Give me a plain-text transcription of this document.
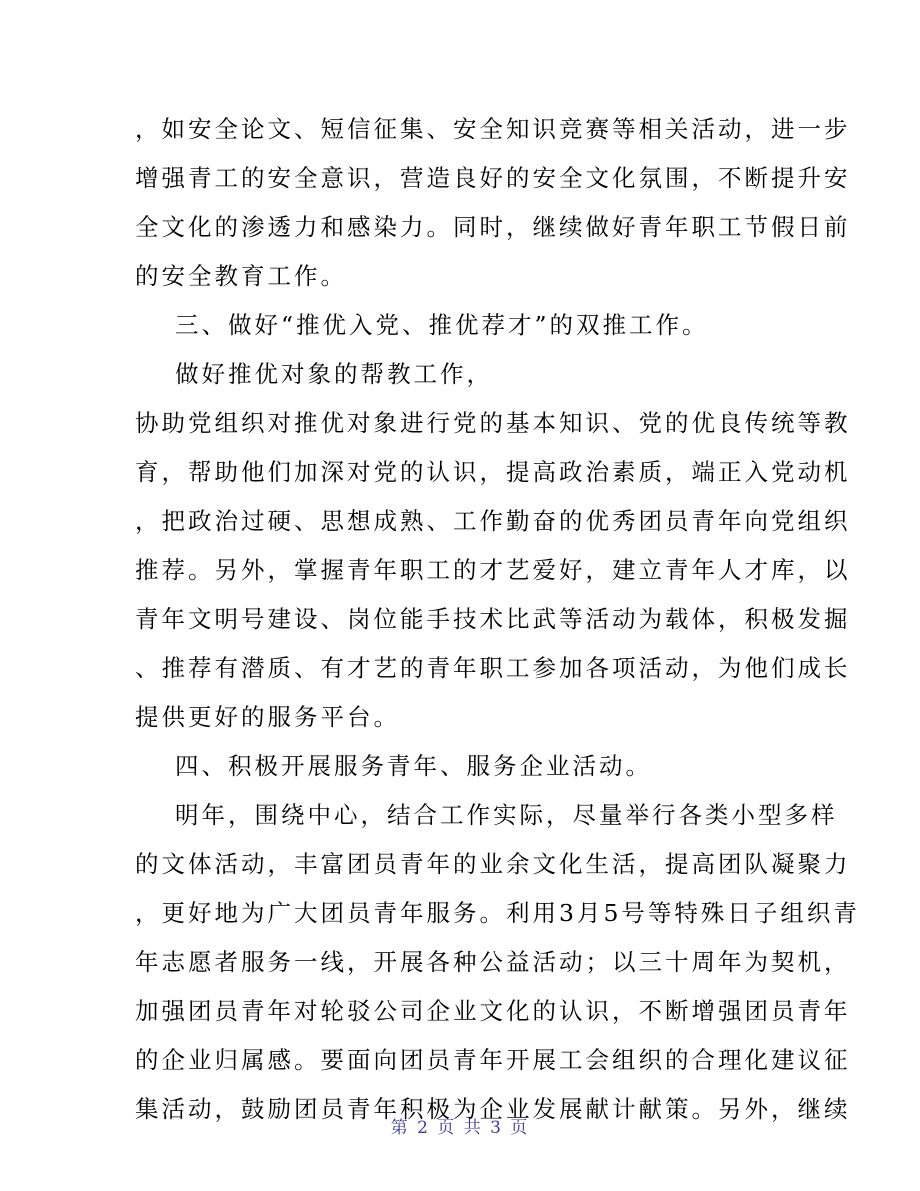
，如安全论文、短信征集、安全知识竞赛等相关活动，进一步
增强青工的安全意识，营造良好的安全文化氛围，不断提升安
全文化的渗透力和感染力。同时，继续做好青年职工节假日前
的安全教育工作。
三、做好“推优入党、推优荐才”的双推工作。
做好推优对象的帮教工作，
协助党组织对推优对象进行党的基本知识、党的优良传统等教
育，帮助他们加深对党的认识，提高政治素质，端正入党动机
，把政治过硬、思想成熟、工作勤奋的优秀团员青年向党组织
推荐。另外，掌握青年职工的才艺爱好，建立青年人才库，以
青年文明号建设、岗位能手技术比武等活动为载体，积极发掘
、推荐有潜质、有才艺的青年职工参加各项活动，为他们成长
提供更好的服务平台。
四、积极开展服务青年、服务企业活动。
明年，围绕中心，结合工作实际，尽量举行各类小型多样
的文体活动，丰富团员青年的业余文化生活，提高团队凝聚力
，更好地为广大团员青年服务。利用3月5号等特殊日子组织青
年志愿者服务一线，开展各种公益活动；以三十周年为契机，
加强团员青年对轮驳公司企业文化的认识，不断增强团员青年
的企业归属感。要面向团员青年开展工会组织的合理化建议征
集活动，鼓励团员青年积极为企业发展献计献策。另外，继续
第 2 页 共 3 页
